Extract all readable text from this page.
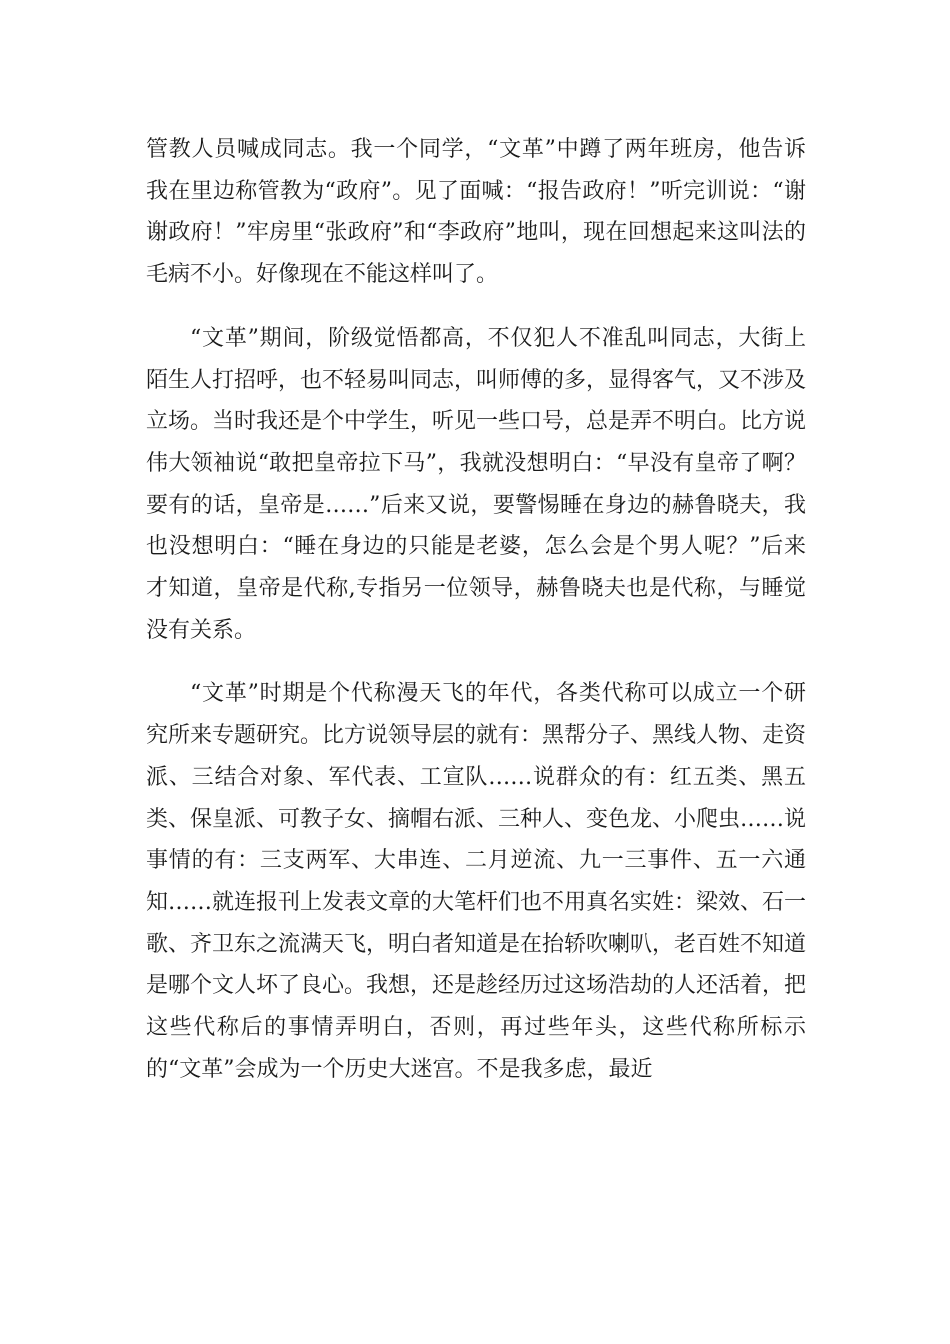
管教人员喊成同志。我一个同学，“文革”中蹲了两年班房，他告诉我在里边称管教为“政府”。见了面喊：“报告政府！”听完训说：“谢谢政府！”牢房里“张政府”和“李政府”地叫，现在回想起来这叫法的毛病不小。好像现在不能这样叫了。

“文革”期间，阶级觉悟都高，不仅犯人不准乱叫同志，大街上陌生人打招呼，也不轻易叫同志，叫师傅的多，显得客气，又不涉及立场。当时我还是个中学生，听见一些口号，总是弄不明白。比方说伟大领袖说“敢把皇帝拉下马”，我就没想明白：“早没有皇帝了啊？要有的话，皇帝是……”后来又说，要警惕睡在身边的赫鲁晓夫，我也没想明白：“睡在身边的只能是老婆，怎么会是个男人呢？”后来才知道，皇帝是代称,专指另一位领导，赫鲁晓夫也是代称，与睡觉没有关系。

“文革”时期是个代称漫天飞的年代，各类代称可以成立一个研究所来专题研究。比方说领导层的就有：黑帮分子、黑线人物、走资派、三结合对象、军代表、工宣队……说群众的有：红五类、黑五类、保皇派、可教子女、摘帽右派、三种人、变色龙、小爬虫……说事情的有：三支两军、大串连、二月逆流、九一三事件、五一六通知……就连报刊上发表文章的大笔杆们也不用真名实姓：梁效、石一歌、齐卫东之流满天飞，明白者知道是在抬轿吹喇叭，老百姓不知道是哪个文人坏了良心。我想，还是趁经历过这场浩劫的人还活着，把这些代称后的事情弄明白，否则，再过些年头，这些代称所标示的“文革”会成为一个历史大迷宫。不是我多虑，最近
